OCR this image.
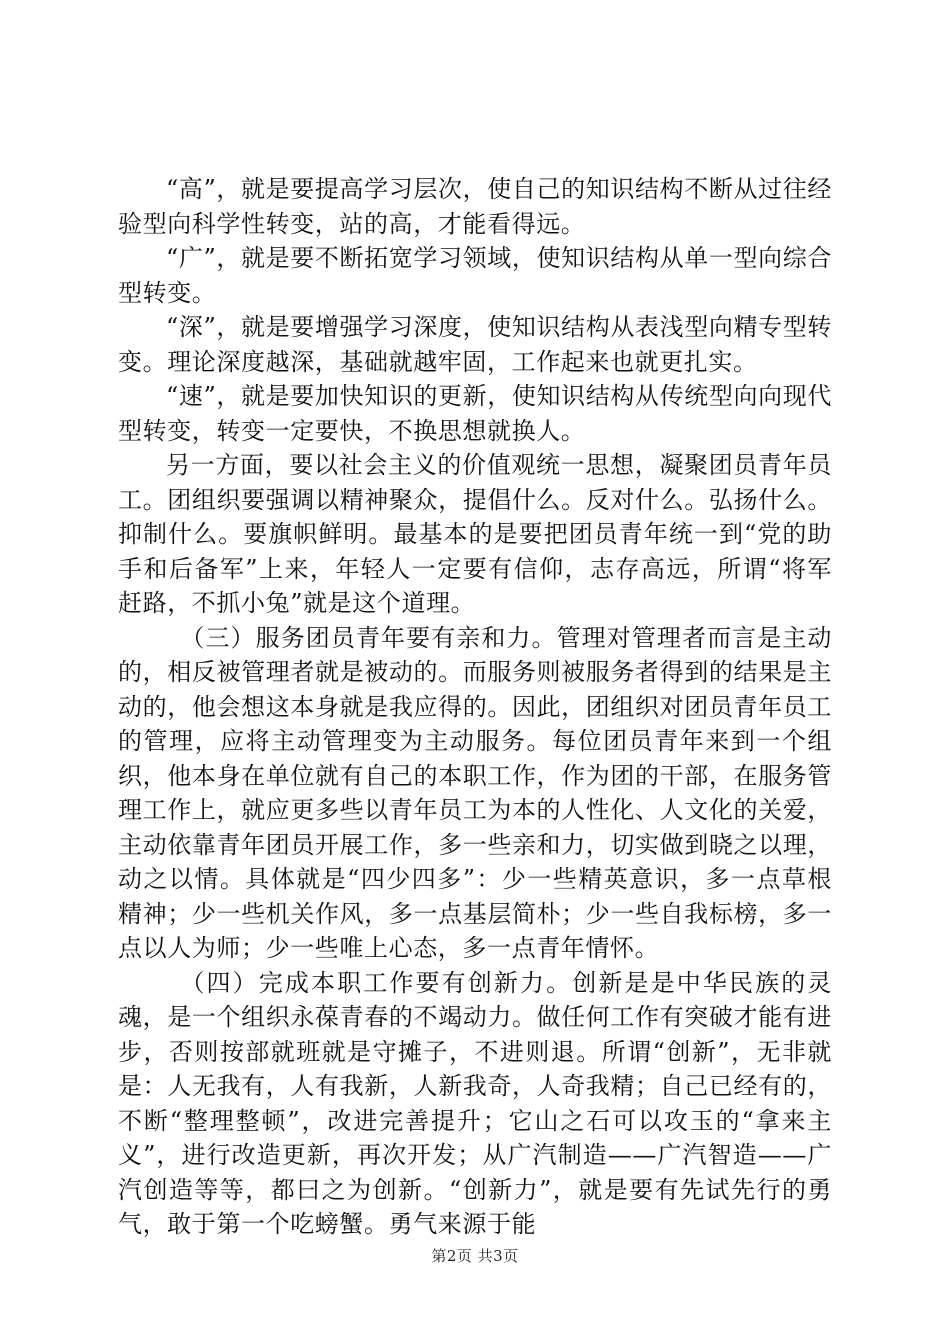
“高”，就是要提高学习层次，使自己的知识结构不断从过往经验型向科学性转变，站的高，才能看得远。

“广”，就是要不断拓宽学习领域，使知识结构从单一型向综合型转变。

“深”，就是要增强学习深度，使知识结构从表浅型向精专型转变。理论深度越深，基础就越牢固，工作起来也就更扎实。

“速”，就是要加快知识的更新，使知识结构从传统型向向现代型转变，转变一定要快，不换思想就换人。

另一方面，要以社会主义的价值观统一思想，凝聚团员青年员工。团组织要强调以精神聚众，提倡什么。反对什么。弘扬什么。抑制什么。要旗帜鲜明。最基本的是要把团员青年统一到“党的助手和后备军”上来，年轻人一定要有信仰，志存高远，所谓“将军赶路，不抓小兔”就是这个道理。

（三）服务团员青年要有亲和力。管理对管理者而言是主动的，相反被管理者就是被动的。而服务则被服务者得到的结果是主动的，他会想这本身就是我应得的。因此，团组织对团员青年员工的管理，应将主动管理变为主动服务。每位团员青年来到一个组织，他本身在单位就有自己的本职工作，作为团的干部，在服务管理工作上，就应更多些以青年员工为本的人性化、人文化的关爱，主动依靠青年团员开展工作，多一些亲和力，切实做到晓之以理，动之以情。具体就是“四少四多”：少一些精英意识，多一点草根精神；少一些机关作风，多一点基层简朴；少一些自我标榜，多一点以人为师；少一些唯上心态，多一点青年情怀。

（四）完成本职工作要有创新力。创新是是中华民族的灵魂，是一个组织永葆青春的不竭动力。做任何工作有突破才能有进步，否则按部就班就是守摊子，不进则退。所谓“创新”，无非就是：人无我有，人有我新，人新我奇，人奇我精；自己已经有的，不断“整理整顿”，改进完善提升；它山之石可以攻玉的“拿来主义”，进行改造更新，再次开发；从广汽制造——广汽智造——广汽创造等等，都曰之为创新。“创新力”，就是要有先试先行的勇气，敢于第一个吃螃蟹。勇气来源于能

第2页 共3页
